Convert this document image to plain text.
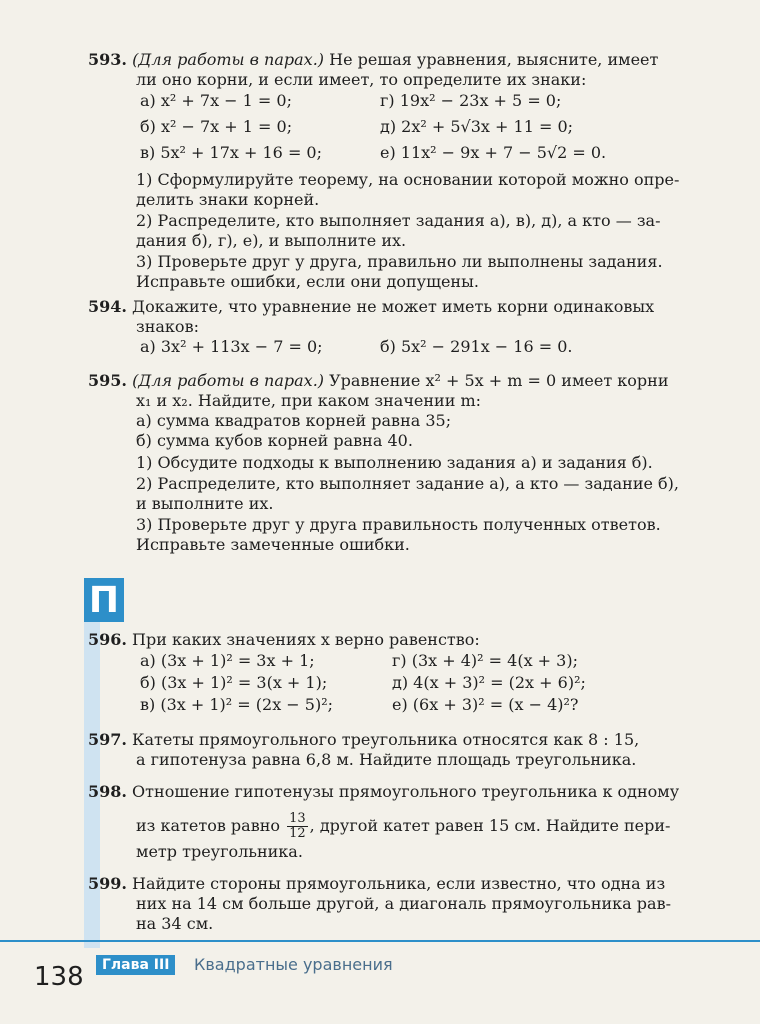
593. (Для работы в парах.) Не решая уравнения, выясните, имеет
ли оно корни, и если имеет, то определите их знаки:
а) x² + 7x − 1 = 0;	г) 19x² − 23x + 5 = 0;
б) x² − 7x + 1 = 0;	д) 2x² + 5√3x + 11 = 0;
в) 5x² + 17x + 16 = 0;	е) 11x² − 9x + 7 − 5√2 = 0.
1) Сформулируйте теорему, на основании которой можно опре-
делить знаки корней.
2) Распределите, кто выполняет задания а), в), д), а кто — за-
дания б), г), е), и выполните их.
3) Проверьте друг у друга, правильно ли выполнены задания.
Исправьте ошибки, если они допущены.
594. Докажите, что уравнение не может иметь корни одинаковых
знаков:
а) 3x² + 113x − 7 = 0;	б) 5x² − 291x − 16 = 0.
595. (Для работы в парах.) Уравнение x² + 5x + m = 0 имеет корни
x₁ и x₂. Найдите, при каком значении m:
а) сумма квадратов корней равна 35;
б) сумма кубов корней равна 40.
1) Обсудите подходы к выполнению задания а) и задания б).
2) Распределите, кто выполняет задание а), а кто — задание б),
и выполните их.
3) Проверьте друг у друга правильность полученных ответов.
Исправьте замеченные ошибки.
П
596. При каких значениях x верно равенство:
а) (3x + 1)² = 3x + 1;	г) (3x + 4)² = 4(x + 3);
б) (3x + 1)² = 3(x + 1);	д) 4(x + 3)² = (2x + 6)²;
в) (3x + 1)² = (2x − 5)²;	е) (6x + 3)² = (x − 4)²?
597. Катеты прямоугольного треугольника относятся как 8 : 15,
а гипотенуза равна 6,8 м. Найдите площадь треугольника.
598. Отношение гипотенузы прямоугольного треугольника к одному
из катетов равно $\frac{13}{12}$ , другой катет равен 15 см. Найдите пери-
метр треугольника.
599. Найдите стороны прямоугольника, если известно, что одна из
них на 14 см больше другой, а диагональ прямоугольника рав-
на 34 см.
138	Глава III	Квадратные уравнения
